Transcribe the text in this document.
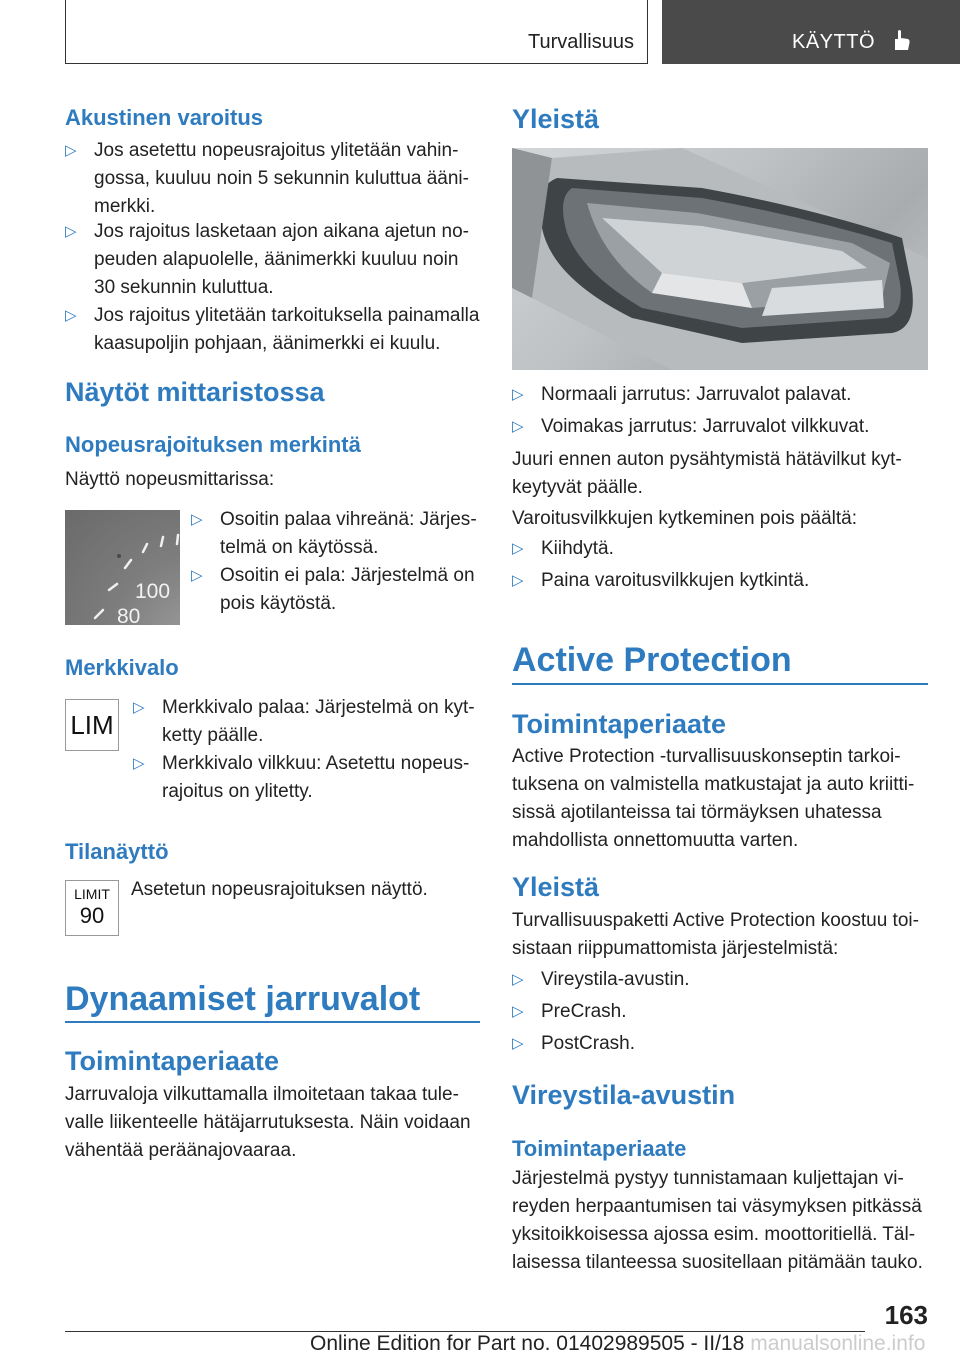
Turvallisuus	KÄYTTÖ
Akustinen varoitus
▷ Jos asetettu nopeusrajoitus ylitetään vahingossa, kuuluu noin 5 sekunnin kuluttua äänimerkki.
▷ Jos rajoitus lasketaan ajon aikana ajetun nopeuden alapuolelle, äänimerkki kuuluu noin 30 sekunnin kuluttua.
▷ Jos rajoitus ylitetään tarkoituksella painamalla kaasupoljin pohjaan, äänimerkki ei kuulu.
Näytöt mittaristossa
Nopeusrajoituksen merkintä
Näyttö nopeusmittarissa:
100
80
▷ Osoitin palaa vihreänä: Järjestelmä on käytössä.
▷ Osoitin ei pala: Järjestelmä on pois käytöstä.
Merkkivalo
LIM
▷ Merkkivalo palaa: Järjestelmä on kytketty päälle.
▷ Merkkivalo vilkkuu: Asetettu nopeusrajoitus on ylitetty.
Tilanäyttö
LIMIT
90
Asetetun nopeusrajoituksen näyttö.
Dynaamiset jarruvalot
Toimintaperiaate
Jarruvaloja vilkuttamalla ilmoitetaan takaa tulevalle liikenteelle hätäjarrutuksesta. Näin voidaan vähentää peräänajovaaraa.
Yleistä
▷ Normaali jarrutus: Jarruvalot palavat.
▷ Voimakas jarrutus: Jarruvalot vilkkuvat.
Juuri ennen auton pysähtymistä hätävilkut kytkeytyvät päälle.
Varoitusvilkkujen kytkeminen pois päältä:
▷ Kiihdytä.
▷ Paina varoitusvilkkujen kytkintä.
Active Protection
Toimintaperiaate
Active Protection -turvallisuuskonseptin tarkoituksena on valmistella matkustajat ja auto kriittisissä ajotilanteissa tai törmäyksen uhatessa mahdollista onnettomuutta varten.
Yleistä
Turvallisuuspaketti Active Protection koostuu toisistaan riippumattomista järjestelmistä:
▷ Vireystila-avustin.
▷ PreCrash.
▷ PostCrash.
Vireystila-avustin
Toimintaperiaate
Järjestelmä pystyy tunnistamaan kuljettajan vireyden herpaantumisen tai väsymyksen pitkässä yksitoikkoisessa ajossa esim. moottoritiellä. Tällaisessa tilanteessa suositellaan pitämään tauko.
163
Online Edition for Part no. 01402989505 - II/18 manualsonline.info
